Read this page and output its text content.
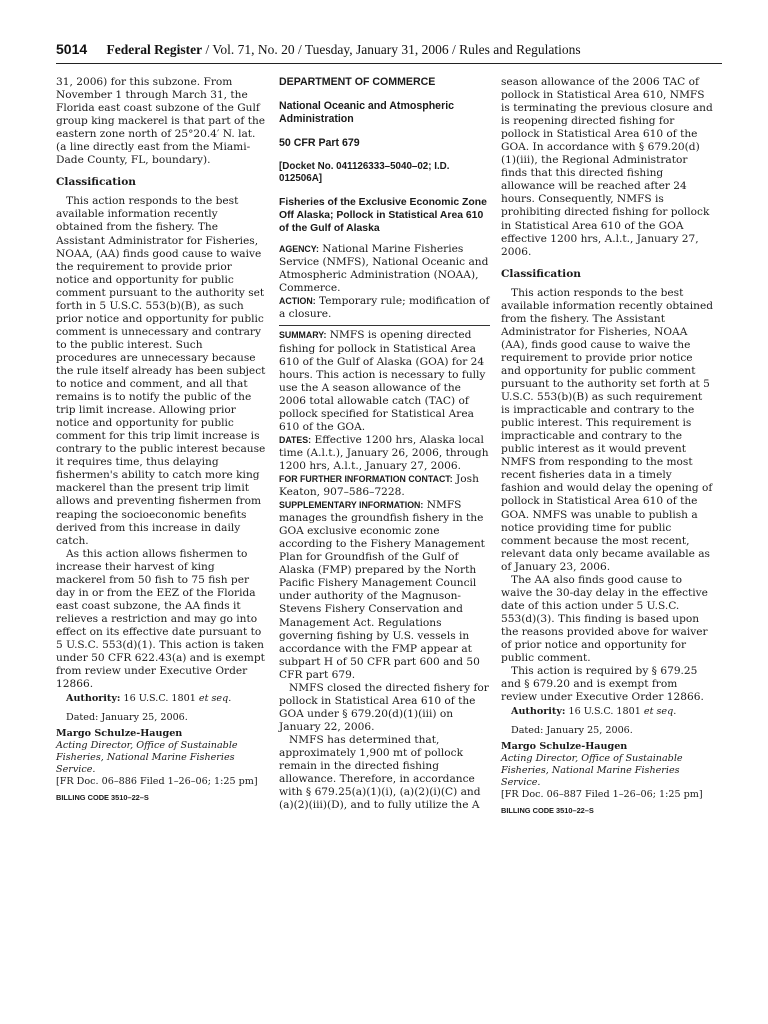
5014 Federal Register / Vol. 71, No. 20 / Tuesday, January 31, 2006 / Rules and Regulations

31, 2006) for this subzone. From November 1 through March 31, the Florida east coast subzone of the Gulf group king mackerel is that part of the eastern zone north of 25°20.4′ N. lat. (a line directly east from the Miami-Dade County, FL, boundary).

Classification

This action responds to the best available information recently obtained from the fishery. The Assistant Administrator for Fisheries, NOAA, (AA) finds good cause to waive the requirement to provide prior notice and opportunity for public comment pursuant to the authority set forth in 5 U.S.C. 553(b)(B), as such prior notice and opportunity for public comment is unnecessary and contrary to the public interest. Such procedures are unnecessary because the rule itself already has been subject to notice and comment, and all that remains is to notify the public of the trip limit increase. Allowing prior notice and opportunity for public comment for this trip limit increase is contrary to the public interest because it requires time, thus delaying fishermen's ability to catch more king mackerel than the present trip limit allows and preventing fishermen from reaping the socioeconomic benefits derived from this increase in daily catch.

As this action allows fishermen to increase their harvest of king mackerel from 50 fish to 75 fish per day in or from the EEZ of the Florida east coast subzone, the AA finds it relieves a restriction and may go into effect on its effective date pursuant to 5 U.S.C. 553(d)(1). This action is taken under 50 CFR 622.43(a) and is exempt from review under Executive Order 12866.

Authority: 16 U.S.C. 1801 et seq.

Dated: January 25, 2006.

Margo Schulze-Haugen

Acting Director, Office of Sustainable Fisheries, National Marine Fisheries Service.

[FR Doc. 06–886 Filed 1–26–06; 1:25 pm]

BILLING CODE 3510–22–S

DEPARTMENT OF COMMERCE

National Oceanic and Atmospheric Administration

50 CFR Part 679

[Docket No. 041126333–5040–02; I.D. 012506A]

Fisheries of the Exclusive Economic Zone Off Alaska; Pollock in Statistical Area 610 of the Gulf of Alaska

AGENCY: National Marine Fisheries Service (NMFS), National Oceanic and Atmospheric Administration (NOAA), Commerce.

ACTION: Temporary rule; modification of a closure.

SUMMARY: NMFS is opening directed fishing for pollock in Statistical Area 610 of the Gulf of Alaska (GOA) for 24 hours. This action is necessary to fully use the A season allowance of the 2006 total allowable catch (TAC) of pollock specified for Statistical Area 610 of the GOA.

DATES: Effective 1200 hrs, Alaska local time (A.l.t.), January 26, 2006, through 1200 hrs, A.l.t., January 27, 2006.

FOR FURTHER INFORMATION CONTACT: Josh Keaton, 907–586–7228.

SUPPLEMENTARY INFORMATION: NMFS manages the groundfish fishery in the GOA exclusive economic zone according to the Fishery Management Plan for Groundfish of the Gulf of Alaska (FMP) prepared by the North Pacific Fishery Management Council under authority of the Magnuson-Stevens Fishery Conservation and Management Act. Regulations governing fishing by U.S. vessels in accordance with the FMP appear at subpart H of 50 CFR part 600 and 50 CFR part 679.

NMFS closed the directed fishery for pollock in Statistical Area 610 of the GOA under § 679.20(d)(1)(iii) on January 22, 2006.

NMFS has determined that, approximately 1,900 mt of pollock remain in the directed fishing allowance. Therefore, in accordance with § 679.25(a)(1)(i), (a)(2)(i)(C) and (a)(2)(iii)(D), and to fully utilize the A

season allowance of the 2006 TAC of pollock in Statistical Area 610, NMFS is terminating the previous closure and is reopening directed fishing for pollock in Statistical Area 610 of the GOA. In accordance with § 679.20(d)(1)(iii), the Regional Administrator finds that this directed fishing allowance will be reached after 24 hours. Consequently, NMFS is prohibiting directed fishing for pollock in Statistical Area 610 of the GOA effective 1200 hrs, A.l.t., January 27, 2006.

Classification

This action responds to the best available information recently obtained from the fishery. The Assistant Administrator for Fisheries, NOAA (AA), finds good cause to waive the requirement to provide prior notice and opportunity for public comment pursuant to the authority set forth at 5 U.S.C. 553(b)(B) as such requirement is impracticable and contrary to the public interest. This requirement is impracticable and contrary to the public interest as it would prevent NMFS from responding to the most recent fisheries data in a timely fashion and would delay the opening of pollock in Statistical Area 610 of the GOA. NMFS was unable to publish a notice providing time for public comment because the most recent, relevant data only became available as of January 23, 2006.

The AA also finds good cause to waive the 30-day delay in the effective date of this action under 5 U.S.C. 553(d)(3). This finding is based upon the reasons provided above for waiver of prior notice and opportunity for public comment.

This action is required by § 679.25 and § 679.20 and is exempt from review under Executive Order 12866.

Authority: 16 U.S.C. 1801 et seq.

Dated: January 25, 2006.

Margo Schulze-Haugen

Acting Director, Office of Sustainable Fisheries, National Marine Fisheries Service.

[FR Doc. 06–887 Filed 1–26–06; 1:25 pm]

BILLING CODE 3510–22–S
